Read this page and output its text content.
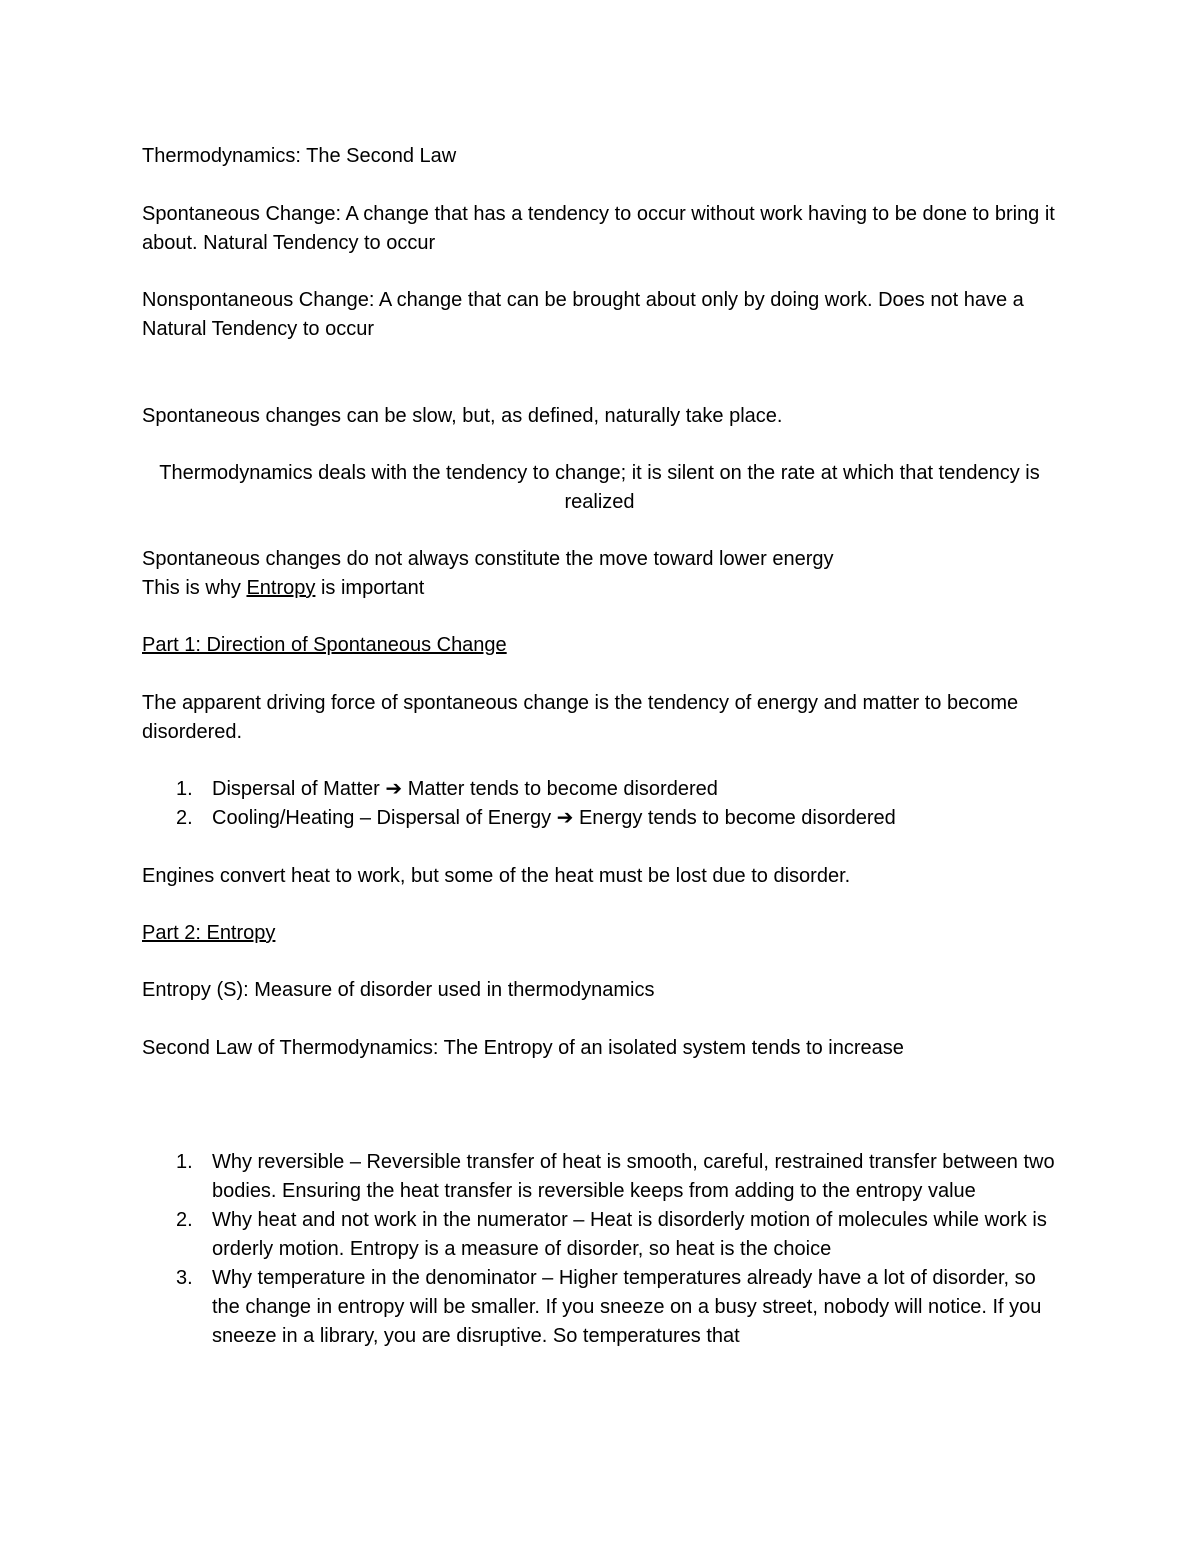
Thermodynamics: The Second Law
Spontaneous Change: A change that has a tendency to occur without work having to be done to bring it about. Natural Tendency to occur
Nonspontaneous Change: A change that can be brought about only by doing work. Does not have a Natural Tendency to occur
Spontaneous changes can be slow, but, as defined, naturally take place.
Thermodynamics deals with the tendency to change; it is silent on the rate at which that tendency is realized
Spontaneous changes do not always constitute the move toward lower energy
This is why Entropy is important
Part 1: Direction of Spontaneous Change
The apparent driving force of spontaneous change is the tendency of energy and matter to become disordered.
1. Dispersal of Matter ➔ Matter tends to become disordered
2. Cooling/Heating – Dispersal of Energy ➔ Energy tends to become disordered
Engines convert heat to work, but some of the heat must be lost due to disorder.
Part 2: Entropy
Entropy (S): Measure of disorder used in thermodynamics
Second Law of Thermodynamics: The Entropy of an isolated system tends to increase
1. Why reversible – Reversible transfer of heat is smooth, careful, restrained transfer between two bodies. Ensuring the heat transfer is reversible keeps from adding to the entropy value
2. Why heat and not work in the numerator – Heat is disorderly motion of molecules while work is orderly motion. Entropy is a measure of disorder, so heat is the choice
3. Why temperature in the denominator – Higher temperatures already have a lot of disorder, so the change in entropy will be smaller. If you sneeze on a busy street, nobody will notice. If you sneeze in a library, you are disruptive. So temperatures that
